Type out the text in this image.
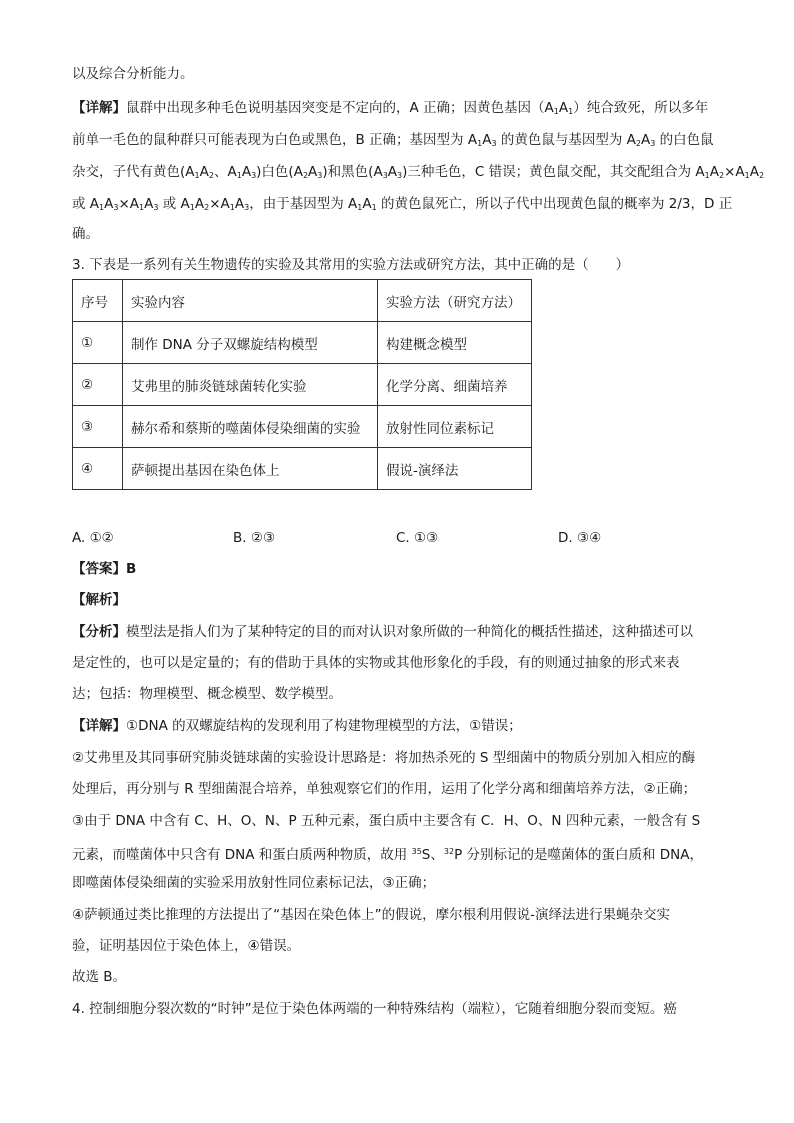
以及综合分析能力。
【详解】鼠群中出现多种毛色说明基因突变是不定向的，A 正确；因黄色基因$(A_1A_1)$纯合致死，所以多年
前单一毛色的鼠种群只可能表现为白色或黑色，B 正确；基因型为 $A_1A_3$ 的黄色鼠与基因型为 $A_2A_3$ 的白色鼠
杂交，子代有黄色($A_1A_2$、$A_1A_3$)白色$(A_2A_3)$和黑色$(A_3A_3)$三种毛色，C 错误；黄色鼠交配，其交配组合为 $A_1A_2\times A_1A_2$
或 $A_1A_3\times A_1A_3$ 或 $A_1A_2\times A_1A_3$，由于基因型为 $A_1A_1$ 的黄色鼠死亡，所以子代中出现黄色鼠的概率为 2/3，D 正
确。
3. 下表是一系列有关生物遗传的实验及其常用的实验方法或研究方法，其中正确的是（　　）
序号	实验内容	实验方法（研究方法）
①	制作 DNA 分子双螺旋结构模型	构建概念模型
②	艾弗里的肺炎链球菌转化实验	化学分离、细菌培养
③	赫尔希和蔡斯的噬菌体侵染细菌的实验	放射性同位素标记
④	萨顿提出基因在染色体上	假说-演绎法
A. ①②	B. ②③	C. ①③	D. ③④
【答案】B
【解析】
【分析】模型法是指人们为了某种特定的目的而对认识对象所做的一种简化的概括性描述，这种描述可以
是定性的，也可以是定量的；有的借助于具体的实物或其他形象化的手段，有的则通过抽象的形式来表
达；包括：物理模型、概念模型、数学模型。
【详解】①DNA 的双螺旋结构的发现利用了构建物理模型的方法，①错误；
②艾弗里及其同事研究肺炎链球菌的实验设计思路是：将加热杀死的 S 型细菌中的物质分别加入相应的酶
处理后，再分别与 R 型细菌混合培养，单独观察它们的作用，运用了化学分离和细菌培养方法，②正确；
③由于 DNA 中含有 C、H、O、N、P 五种元素，蛋白质中主要含有 C．H、O、N 四种元素，一般含有 S
元素，而噬菌体中只含有 DNA 和蛋白质两种物质，故用 $^{35}$S、$^{32}$P 分别标记的是噬菌体的蛋白质和 DNA，
即噬菌体侵染细菌的实验采用放射性同位素标记法，③正确；
④萨顿通过类比推理的方法提出了“基因在染色体上”的假说，摩尔根利用假说-演绎法进行果蝇杂交实
验，证明基因位于染色体上，④错误。
故选 B。
4. 控制细胞分裂次数的“时钟”是位于染色体两端的一种特殊结构（端粒），它随着细胞分裂而变短。癌
